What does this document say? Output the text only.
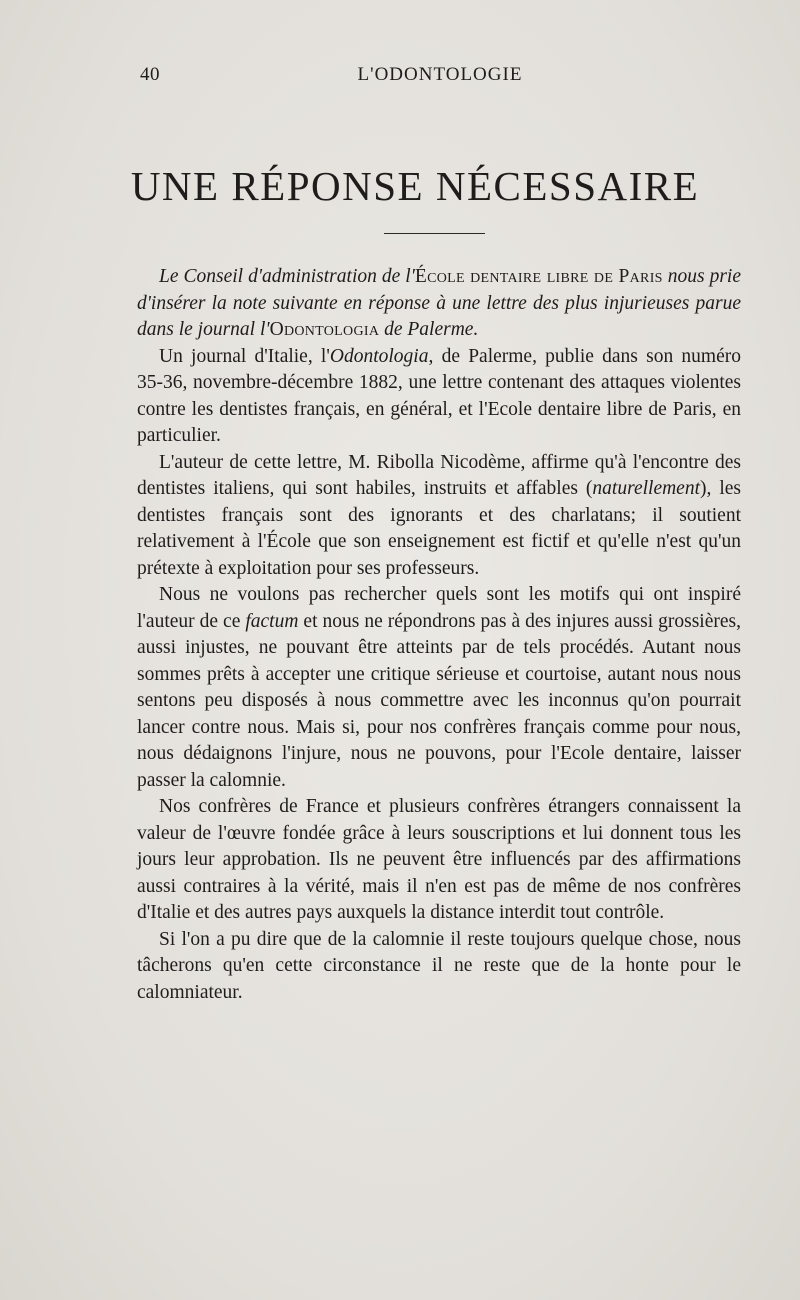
40	L'ODONTOLOGIE
UNE RÉPONSE NÉCESSAIRE

Le Conseil d'administration de l'École dentaire libre de Paris nous prie d'insérer la note suivante en réponse à une lettre des plus injurieuses parue dans le journal l'Odontologia de Palerme.

Un journal d'Italie, l'Odontologia, de Palerme, publie dans son numéro 35-36, novembre-décembre 1882, une lettre contenant des attaques violentes contre les dentistes français, en général, et l'Ecole dentaire libre de Paris, en particulier.

L'auteur de cette lettre, M. Ribolla Nicodème, affirme qu'à l'encontre des dentistes italiens, qui sont habiles, instruits et affables (naturellement), les dentistes français sont des ignorants et des charlatans; il soutient relativement à l'École que son enseignement est fictif et qu'elle n'est qu'un prétexte à exploitation pour ses professeurs.

Nous ne voulons pas rechercher quels sont les motifs qui ont inspiré l'auteur de ce factum et nous ne répondrons pas à des injures aussi grossières, aussi injustes, ne pouvant être atteints par de tels procédés. Autant nous sommes prêts à accepter une critique sérieuse et courtoise, autant nous nous sentons peu disposés à nous commettre avec les inconnus qu'on pourrait lancer contre nous. Mais si, pour nos confrères français comme pour nous, nous dédaignons l'injure, nous ne pouvons, pour l'Ecole dentaire, laisser passer la calomnie.

Nos confrères de France et plusieurs confrères étrangers connaissent la valeur de l'œuvre fondée grâce à leurs souscriptions et lui donnent tous les jours leur approbation. Ils ne peuvent être influencés par des affirmations aussi contraires à la vérité, mais il n'en est pas de même de nos confrères d'Italie et des autres pays auxquels la distance interdit tout contrôle.

Si l'on a pu dire que de la calomnie il reste toujours quelque chose, nous tâcherons qu'en cette circonstance il ne reste que de la honte pour le calomniateur.
